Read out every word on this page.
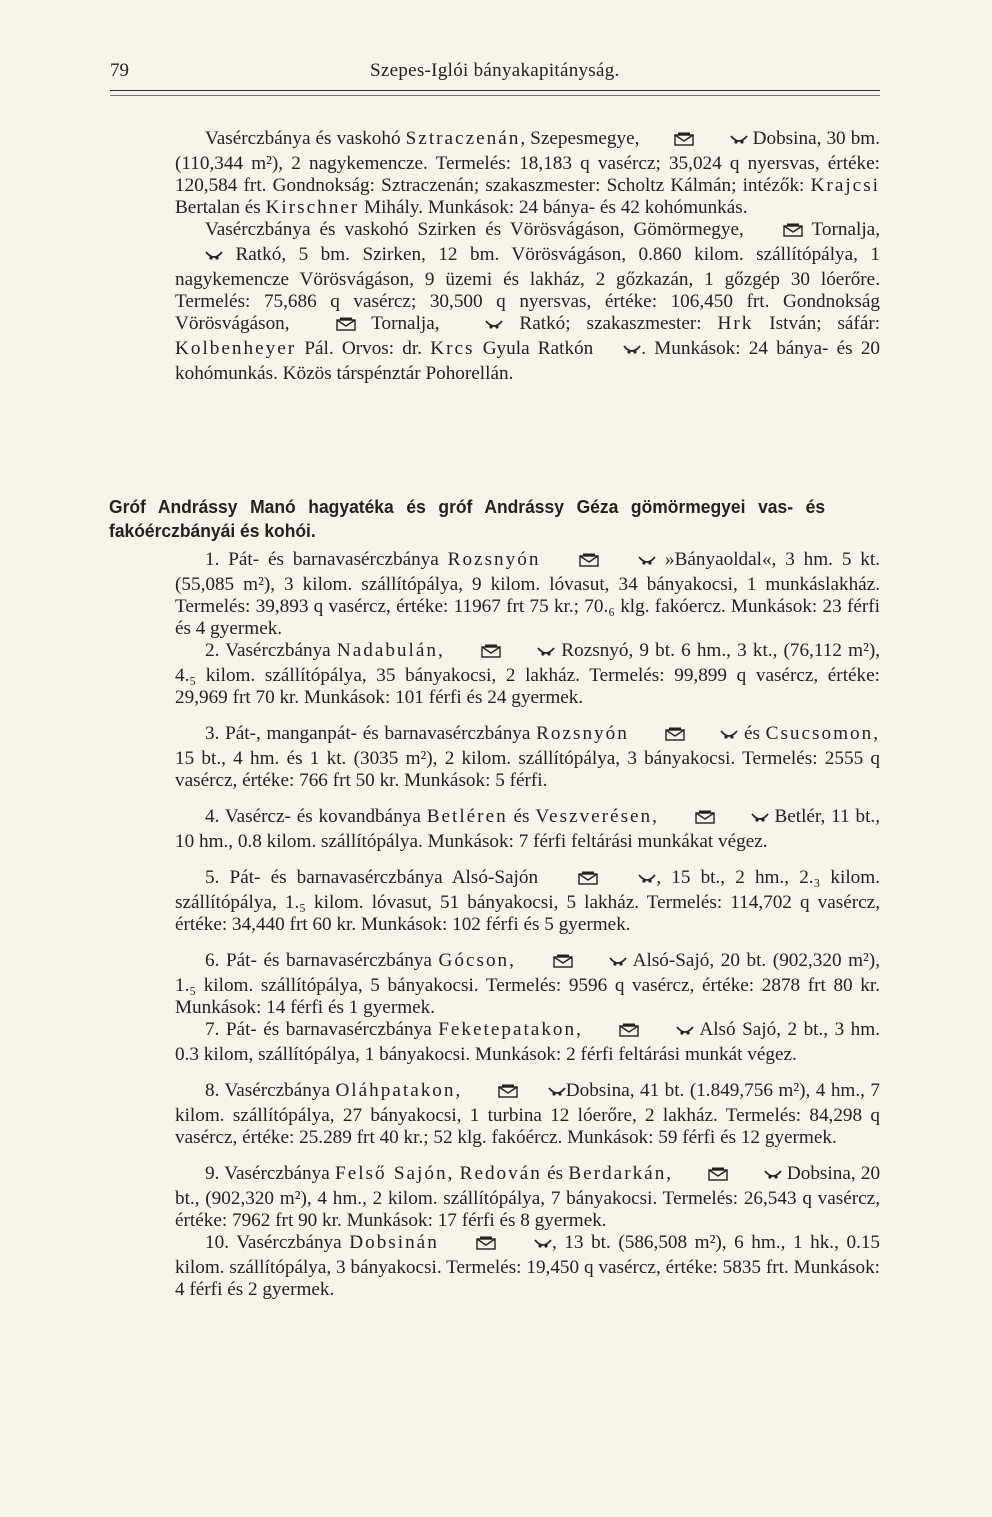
79	Szepes-Iglói bányakapitányság.

Vasérczbánya és vaskohó Sztraczenán, Szepesmegye,	Dobsina, 30 bm. (110,344 m²), 2 nagykemencze. Termelés: 18,183 q vasércz; 35,024 q nyersvas, értéke: 120,584 frt. Gondnokság: Sztraczenán; szakaszmester: Scholtz Kálmán; intézők: Krajcsi Bertalan és Kirschner Mihály. Munkások: 24 bánya- és 42 kohómunkás.

Vasérczbánya és vaskohó Szirken és Vörösvágáson, Gömörmegye,	Tornalja,  Ratkó, 5 bm. Szirken, 12 bm. Vörösvágáson, 0.860 kilom. szállítópálya, 1 nagykemencze Vörösvágáson, 9 üzemi és lakház, 2 gőzkazán, 1 gőzgép 30 lóerőre. Termelés: 75,686 q vasércz; 30,500 q nyersvas, értéke: 106,450 frt. Gondnokság Vörösvágáson,	Tornalja,	Ratkó; szakaszmester: Hrk István; sáfár: Kolbenheyer Pál. Orvos: dr. Krcs Gyula Ratkón	. Munkások: 24 bánya- és 20 kohómunkás. Közös társpénztár Pohorellán.

Gróf Andrássy Manó hagyatéka és gróf Andrássy Géza gömörmegyei vas- és fakóérczbányái és kohói.

1. Pát- és barnavasérczbánya Rozsnyón	»Bányaoldal«, 3 hm. 5 kt. (55,085 m²), 3 kilom. szállítópálya, 9 kilom. lóvasut, 34 bányakocsi, 1 munkáslakház. Termelés: 39,893 q vasércz, értéke: 11967 frt 75 kr.; 70.₆ klg. fakóercz. Munkások: 23 férfi és 4 gyermek.

2. Vasérczbánya Nadabulán,	Rozsnyó, 9 bt. 6 hm., 3 kt., (76,112 m²), 4.₅ kilom. szállítópálya, 35 bányakocsi, 2 lakház. Termelés: 99,899 q vasércz, értéke: 29,969 frt 70 kr. Munkások: 101 férfi és 24 gyermek.

3. Pát-, manganpát- és barnavasérczbánya Rozsnyón	és Csucsomon, 15 bt., 4 hm. és 1 kt. (3035 m²), 2 kilom. szállítópálya, 3 bányakocsi. Termelés: 2555 q vasércz, értéke: 766 frt 50 kr. Munkások: 5 férfi.

4. Vasércz- és kovandbánya Betléren és Veszverésen,	Betlér, 11 bt., 10 hm., 0.8 kilom. szállítópálya. Munkások: 7 férfi feltárási munkákat végez.

5. Pát- és barnavasérczbánya Alsó-Sajón	, 15 bt., 2 hm., 2.₃ kilom. szállítópálya, 1.₅ kilom. lóvasut, 51 bányakocsi, 5 lakház. Termelés: 114,702 q vasércz, értéke: 34,440 frt 60 kr. Munkások: 102 férfi és 5 gyermek.

6. Pát- és barnavasérczbánya Gócson,	Alsó-Sajó, 20 bt. (902,320 m²), 1.₅ kilom. szállítópálya, 5 bányakocsi. Termelés: 9596 q vasércz, értéke: 2878 frt 80 kr. Munkások: 14 férfi és 1 gyermek.

7. Pát- és barnavasérczbánya Feketepatakon,	Alsó Sajó, 2 bt., 3 hm. 0.3 kilom, szállítópálya, 1 bányakocsi. Munkások: 2 férfi feltárási munkát végez.

8. Vasérczbánya Oláhpatakon,	Dobsina, 41 bt. (1.849,756 m²), 4 hm., 7 kilom. szállítópálya, 27 bányakocsi, 1 turbina 12 lóerőre, 2 lakház. Termelés: 84,298 q vasércz, értéke: 25.289 frt 40 kr.; 52 klg. fakóércz. Munkások: 59 férfi és 12 gyermek.

9. Vasérczbánya Felső Sajón, Redován és Berdarkán,	Dobsina, 20 bt., (902,320 m²), 4 hm., 2 kilom. szállítópálya, 7 bányakocsi. Termelés: 26,543 q vasércz, értéke: 7962 frt 90 kr. Munkások: 17 férfi és 8 gyermek.

10. Vasérczbánya Dobsinán	, 13 bt. (586,508 m²), 6 hm., 1 hk., 0.15 kilom. szállítópálya, 3 bányakocsi. Termelés: 19,450 q vasércz, értéke: 5835 frt. Munkások: 4 férfi és 2 gyermek.
